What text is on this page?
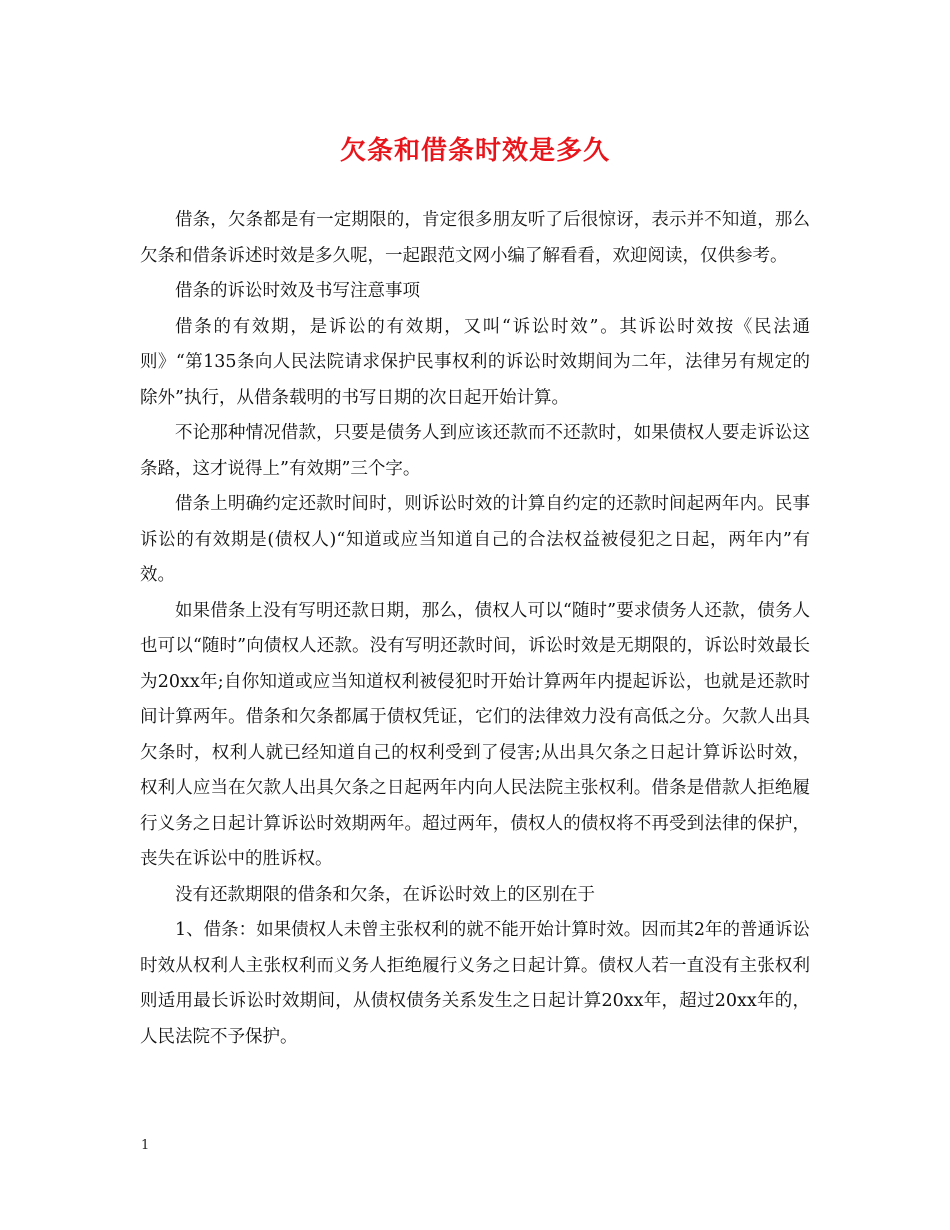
欠条和借条时效是多久

借条，欠条都是有一定期限的，肯定很多朋友听了后很惊讶，表示并不知道，那么欠条和借条诉述时效是多久呢，一起跟范文网小编了解看看，欢迎阅读，仅供参考。

借条的诉讼时效及书写注意事项

借条的有效期，是诉讼的有效期，又叫“诉讼时效”。其诉讼时效按《民法通则》“第135条向人民法院请求保护民事权利的诉讼时效期间为二年，法律另有规定的除外”执行，从借条载明的书写日期的次日起开始计算。

不论那种情况借款，只要是债务人到应该还款而不还款时，如果债权人要走诉讼这条路，这才说得上”有效期”三个字。

借条上明确约定还款时间时，则诉讼时效的计算自约定的还款时间起两年内。民事诉讼的有效期是(债权人)“知道或应当知道自己的合法权益被侵犯之日起，两年内”有效。

如果借条上没有写明还款日期，那么，债权人可以“随时”要求债务人还款，债务人也可以“随时”向债权人还款。没有写明还款时间，诉讼时效是无期限的，诉讼时效最长为20xx年;自你知道或应当知道权利被侵犯时开始计算两年内提起诉讼，也就是还款时间计算两年。借条和欠条都属于债权凭证，它们的法律效力没有高低之分。欠款人出具欠条时，权利人就已经知道自己的权利受到了侵害;从出具欠条之日起计算诉讼时效，权利人应当在欠款人出具欠条之日起两年内向人民法院主张权利。借条是借款人拒绝履行义务之日起计算诉讼时效期两年。超过两年，债权人的债权将不再受到法律的保护，丧失在诉讼中的胜诉权。

没有还款期限的借条和欠条，在诉讼时效上的区别在于

1、借条：如果债权人未曾主张权利的就不能开始计算时效。因而其2年的普通诉讼时效从权利人主张权利而义务人拒绝履行义务之日起计算。债权人若一直没有主张权利则适用最长诉讼时效期间，从债权债务关系发生之日起计算20xx年，超过20xx年的，人民法院不予保护。

1
